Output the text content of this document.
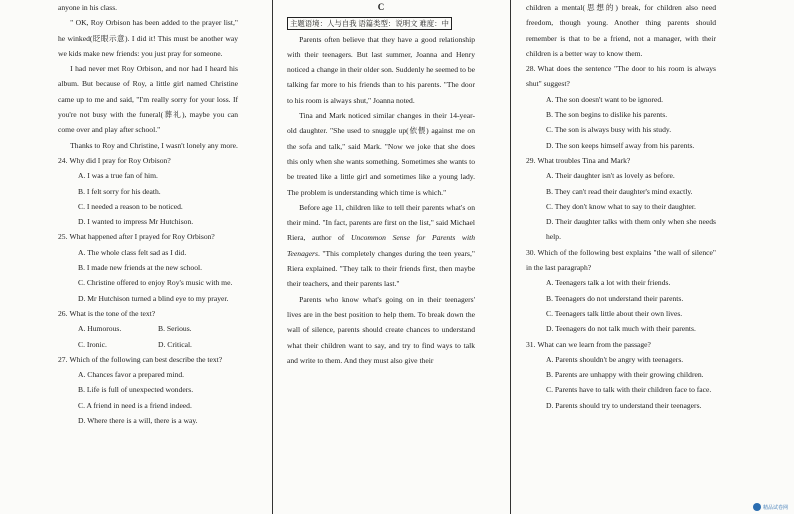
anyone in his class.

" OK, Roy Orbison has been added to the prayer list," he winked(眨眼示意). I did it! This must be another way we kids make new friends: you just pray for someone.

I had never met Roy Orbison, and nor had I heard his album. But because of Roy, a little girl named Christine came up to me and said, "I'm really sorry for your loss. If you're not busy with the funeral(葬礼), maybe you can come over and play after school."

Thanks to Roy and Christine, I wasn't lonely any more.

24. Why did I pray for Roy Orbison?

A. I was a true fan of him.

B. I felt sorry for his death.

C. I needed a reason to be noticed.

D. I wanted to impress Mr Hutchison.

25. What happened after I prayed for Roy Orbison?

A. The whole class felt sad as I did.

B. I made new friends at the new school.

C. Christine offered to enjoy Roy's music with me.

D. Mr Hutchison turned a blind eye to my prayer.

26. What is the tone of the text?

A. Humorous.	B. Serious.
C. Ironic.	D. Critical.

27. Which of the following can best describe the text?

A. Chances favor a prepared mind.

B. Life is full of unexpected wonders.

C. A friend in need is a friend indeed.

D. Where there is a will, there is a way.

C
主题语境：人与自我 语篇类型：说明文 难度：中

Parents often believe that they have a good relationship with their teenagers. But last summer, Joanna and Henry noticed a change in their older son. Suddenly he seemed to be talking far more to his friends than to his parents. "The door to his room is always shut," Joanna noted.

Tina and Mark noticed similar changes in their 14-year-old daughter. "She used to snuggle up(依偎) against me on the sofa and talk," said Mark. "Now we joke that she does this only when she wants something. Sometimes she wants to be treated like a little girl and sometimes like a young lady. The problem is understanding which time is which."

Before age 11, children like to tell their parents what's on their mind. "In fact, parents are first on the list," said Michael Riera, author of Uncommon Sense for Parents with Teenagers. "This completely changes during the teen years," Riera explained. "They talk to their friends first, then maybe their teachers, and their parents last."

Parents who know what's going on in their teenagers' lives are in the best position to help them. To break down the wall of silence, parents should create chances to understand what their children want to say, and try to find ways to talk and write to them. And they must also give their

children a mental(思想的) break, for children also need freedom, though young. Another thing parents should remember is that to be a friend, not a manager, with their children is a better way to know them.

28. What does the sentence "The door to his room is always shut" suggest?

A. The son doesn't want to be ignored.

B. The son begins to dislike his parents.

C. The son is always busy with his study.

D. The son keeps himself away from his parents.

29. What troubles Tina and Mark?

A. Their daughter isn't as lovely as before.

B. They can't read their daughter's mind exactly.

C. They don't know what to say to their daughter.

D. Their daughter talks with them only when she needs help.

30. Which of the following best explains "the wall of silence" in the last paragraph?

A. Teenagers talk a lot with their friends.

B. Teenagers do not understand their parents.

C. Teenagers talk little about their own lives.

D. Teenagers do not talk much with their parents.

31. What can we learn from the passage?

A. Parents shouldn't be angry with teenagers.

B. Parents are unhappy with their growing children.

C. Parents have to talk with their children face to face.

D. Parents should try to understand their teenagers.

精品试卷网
